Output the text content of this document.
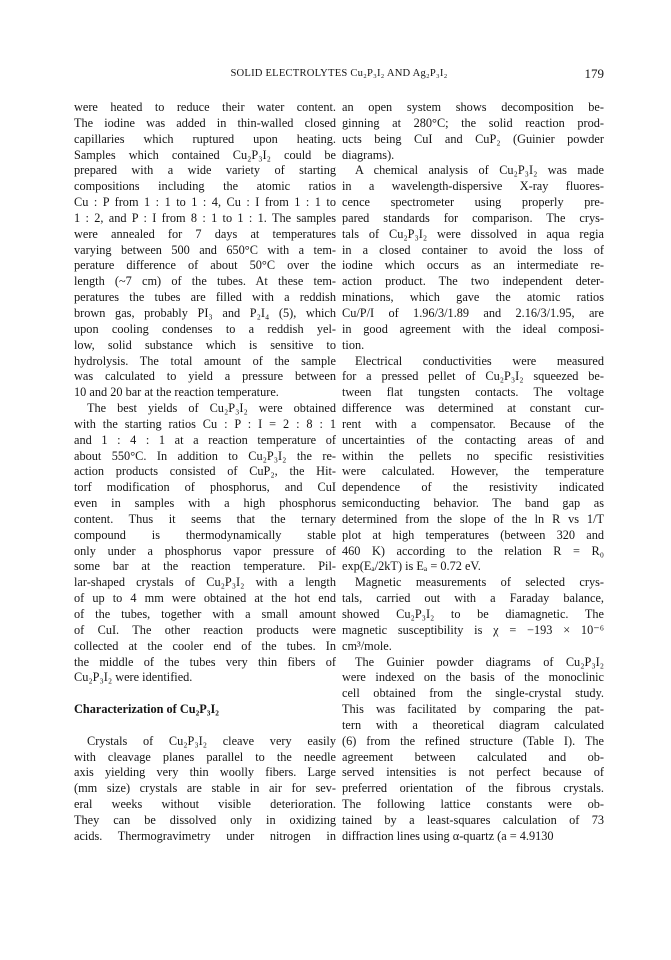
SOLID ELECTROLYTES Cu₂P₃I₂ AND Ag₂P₃I₂	179
were heated to reduce their water content.
The iodine was added in thin-walled closed
capillaries which ruptured upon heating.
Samples which contained Cu₂P₃I₂ could be
prepared with a wide variety of starting
compositions including the atomic ratios
Cu : P from 1 : 1 to 1 : 4, Cu : I from 1 : 1 to
1 : 2, and P : I from 8 : 1 to 1 : 1. The samples
were annealed for 7 days at temperatures
varying between 500 and 650°C with a tem-
perature difference of about 50°C over the
length (~7 cm) of the tubes. At these tem-
peratures the tubes are filled with a reddish
brown gas, probably PI₃ and P₂I₄ (5), which
upon cooling condenses to a reddish yel-
low, solid substance which is sensitive to
hydrolysis. The total amount of the sample
was calculated to yield a pressure between
10 and 20 bar at the reaction temperature.
The best yields of Cu₂P₃I₂ were obtained
with the starting ratios Cu : P : I = 2 : 8 : 1
and 1 : 4 : 1 at a reaction temperature of
about 550°C. In addition to Cu₂P₃I₂ the re-
action products consisted of CuP₂, the Hit-
torf modification of phosphorus, and CuI
even in samples with a high phosphorus
content. Thus it seems that the ternary
compound is thermodynamically stable
only under a phosphorus vapor pressure of
some bar at the reaction temperature. Pil-
lar-shaped crystals of Cu₂P₃I₂ with a length
of up to 4 mm were obtained at the hot end
of the tubes, together with a small amount
of CuI. The other reaction products were
collected at the cooler end of the tubes. In
the middle of the tubes very thin fibers of
Cu₂P₃I₂ were identified.
Characterization of Cu₂P₃I₂
Crystals of Cu₂P₃I₂ cleave very easily
with cleavage planes parallel to the needle
axis yielding very thin woolly fibers. Large
(mm size) crystals are stable in air for sev-
eral weeks without visible deterioration.
They can be dissolved only in oxidizing
acids. Thermogravimetry under nitrogen in
an open system shows decomposition be-
ginning at 280°C; the solid reaction prod-
ucts being CuI and CuP₂ (Guinier powder
diagrams).
A chemical analysis of Cu₂P₃I₂ was made
in a wavelength-dispersive X-ray fluores-
cence spectrometer using properly pre-
pared standards for comparison. The crys-
tals of Cu₂P₃I₂ were dissolved in aqua regia
in a closed container to avoid the loss of
iodine which occurs as an intermediate re-
action product. The two independent deter-
minations, which gave the atomic ratios
Cu/P/I of 1.96/3/1.89 and 2.16/3/1.95, are
in good agreement with the ideal composi-
tion.
Electrical conductivities were measured
for a pressed pellet of Cu₂P₃I₂ squeezed be-
tween flat tungsten contacts. The voltage
difference was determined at constant cur-
rent with a compensator. Because of the
uncertainties of the contacting areas of and
within the pellets no specific resistivities
were calculated. However, the temperature
dependence of the resistivity indicated
semiconducting behavior. The band gap as
determined from the slope of the ln R vs 1/T
plot at high temperatures (between 320 and
460 K) according to the relation R = R₀
exp(Eₐ/2kT) is Eₐ = 0.72 eV.
Magnetic measurements of selected crys-
tals, carried out with a Faraday balance,
showed Cu₂P₃I₂ to be diamagnetic. The
magnetic susceptibility is χ = −193 × 10⁻⁶
cm³/mole.
The Guinier powder diagrams of Cu₂P₃I₂
were indexed on the basis of the monoclinic
cell obtained from the single-crystal study.
This was facilitated by comparing the pat-
tern with a theoretical diagram calculated
(6) from the refined structure (Table I). The
agreement between calculated and ob-
served intensities is not perfect because of
preferred orientation of the fibrous crystals.
The following lattice constants were ob-
tained by a least-squares calculation of 73
diffraction lines using α-quartz (a = 4.9130
